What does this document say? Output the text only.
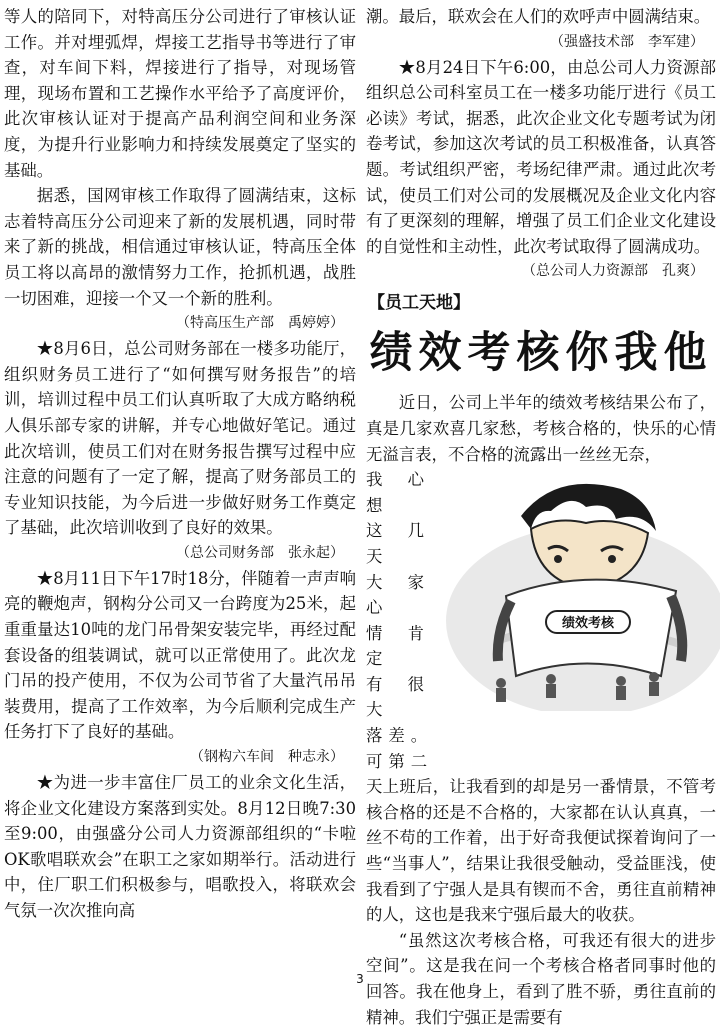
等人的陪同下，对特高压分公司进行了审核认证工作。并对埋弧焊，焊接工艺指导书等进行了审查，对车间下料，焊接进行了指导，对现场管理，现场布置和工艺操作水平给予了高度评价，此次审核认证对于提高产品利润空间和业务深度，为提升行业影响力和持续发展奠定了坚实的基础。

据悉，国网审核工作取得了圆满结束，这标志着特高压分公司迎来了新的发展机遇，同时带来了新的挑战，相信通过审核认证，特高压全体员工将以高昂的激情努力工作，抢抓机遇，战胜一切困难，迎接一个又一个新的胜利。

（特高压生产部　禹婷婷）

★8月6日，总公司财务部在一楼多功能厅，组织财务员工进行了“如何撰写财务报告”的培训，培训过程中员工们认真听取了大成方略纳税人俱乐部专家的讲解，并专心地做好笔记。通过此次培训，使员工们对在财务报告撰写过程中应注意的问题有了一定了解，提高了财务部员工的专业知识技能，为今后进一步做好财务工作奠定了基础，此次培训收到了良好的效果。

（总公司财务部　张永起）

★8月11日下午17时18分，伴随着一声声响亮的鞭炮声，钢构分公司又一台跨度为25米，起重重量达10吨的龙门吊骨架安装完毕，再经过配套设备的组装调试，就可以正常使用了。此次龙门吊的投产使用，不仅为公司节省了大量汽吊吊装费用，提高了工作效率，为今后顺利完成生产任务打下了良好的基础。

（钢构六车间　种志永）

★为进一步丰富住厂员工的业余文化生活，将企业文化建设方案落到实处。8月12日晚7:30至9:00，由强盛分公司人力资源部组织的“卡啦OK歌唱联欢会”在职工之家如期举行。活动进行中，住厂职工们积极参与，唱歌投入，将联欢会气氛一次次推向高

潮。最后，联欢会在人们的欢呼声中圆满结束。

（强盛技术部　李军建）

★8月24日下午6:00，由总公司人力资源部组织总公司科室员工在一楼多功能厅进行《员工必读》考试，据悉，此次企业文化专题考试为闭卷考试，参加这次考试的员工积极准备，认真答题。考试组织严密，考场纪律严肃。通过此次考试，使员工们对公司的发展概况及企业文化内容有了更深刻的理解，增强了员工们企业文化建设的自觉性和主动性，此次考试取得了圆满成功。

（总公司人力资源部　孔爽）
【员工天地】
绩效考核你我他

近日，公司上半年的绩效考核结果公布了，真是几家欢喜几家愁，考核合格的，快乐的心情无溢言表，不合格的流露出一丝丝无奈，

绩效考核

我心想

这几天

大家心

情肯定

有很大

落差。

可第二

天上班后，让我看到的却是另一番情景，不管考核合格的还是不合格的，大家都在认认真真，一丝不苟的工作着，出于好奇我便试探着询问了一些“当事人”，结果让我很受触动，受益匪浅，使我看到了宁强人是具有锲而不舍，勇往直前精神的人，这也是我来宁强后最大的收获。

“虽然这次考核合格，可我还有很大的进步空间”。这是我在问一个考核合格者同事时他的回答。我在他身上，看到了胜不骄，勇往直前的精神。我们宁强正是需要有

3
